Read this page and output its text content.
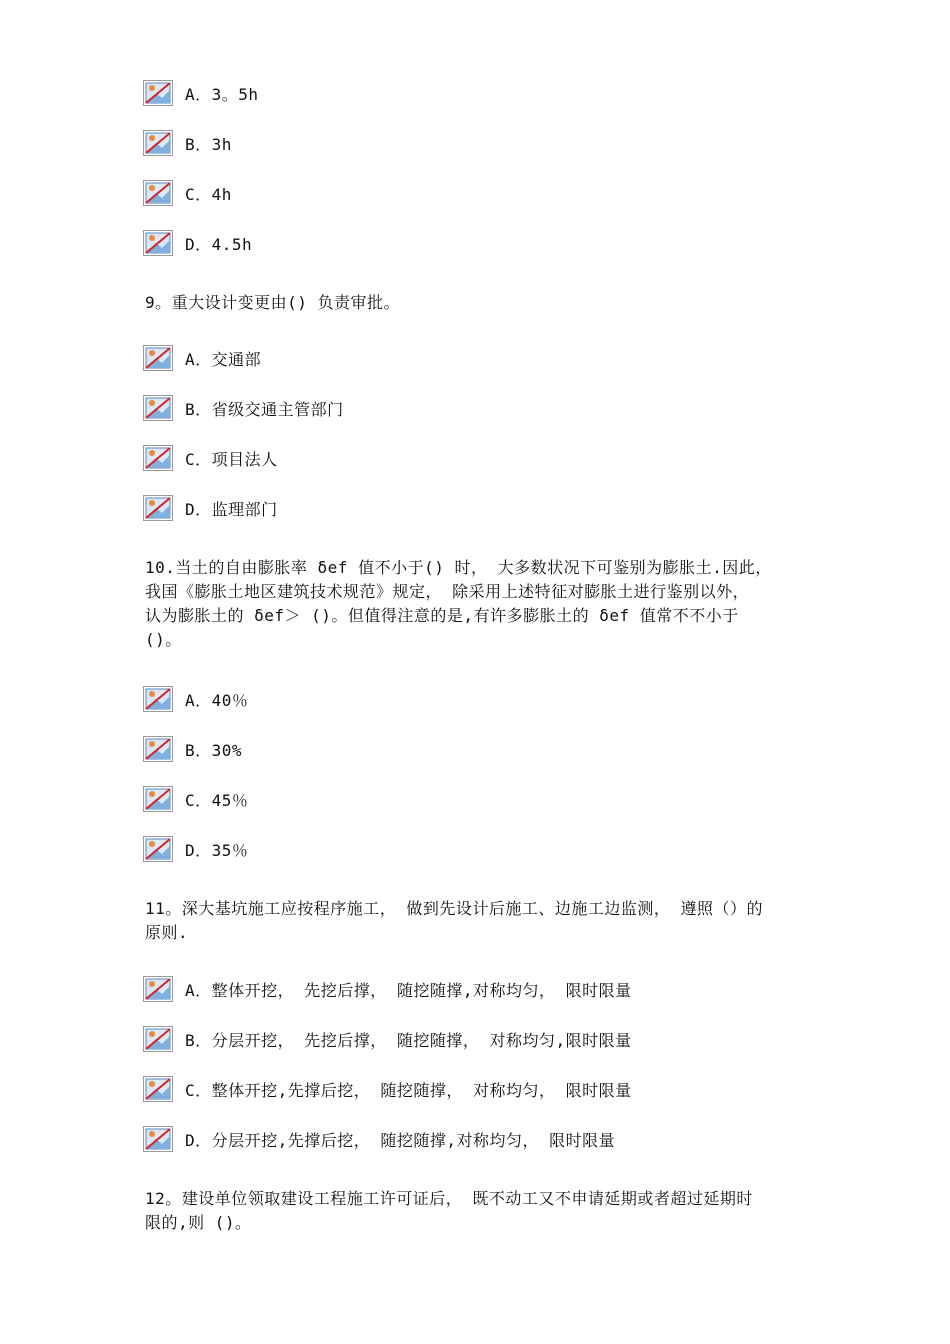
A．3。5h
B．3h
C．4h
D．4.5h

9。重大设计变更由() 负责审批。

A．交通部
B．省级交通主管部门
C．项目法人
D．监理部门
10.当土的自由膨胀率 δef 值不小于() 时， 大多数状况下可鉴别为膨胀土.因此，
我国《膨胀土地区建筑技术规范》规定， 除采用上述特征对膨胀土进行鉴别以外，
认为膨胀土的 δef＞ ()。但值得注意的是,有许多膨胀土的 δef 值常不不小于
()。
A．40％
B．30%
C．45％
D．35％
11。深大基坑施工应按程序施工， 做到先设计后施工、边施工边监测， 遵照（）的
原则.
A．整体开挖， 先挖后撑， 随挖随撑,对称均匀， 限时限量
B．分层开挖， 先挖后撑， 随挖随撑， 对称均匀,限时限量
C．整体开挖,先撑后挖， 随挖随撑， 对称均匀， 限时限量
D．分层开挖,先撑后挖， 随挖随撑,对称均匀， 限时限量
12。建设单位领取建设工程施工许可证后， 既不动工又不申请延期或者超过延期时
限的,则 ()。
